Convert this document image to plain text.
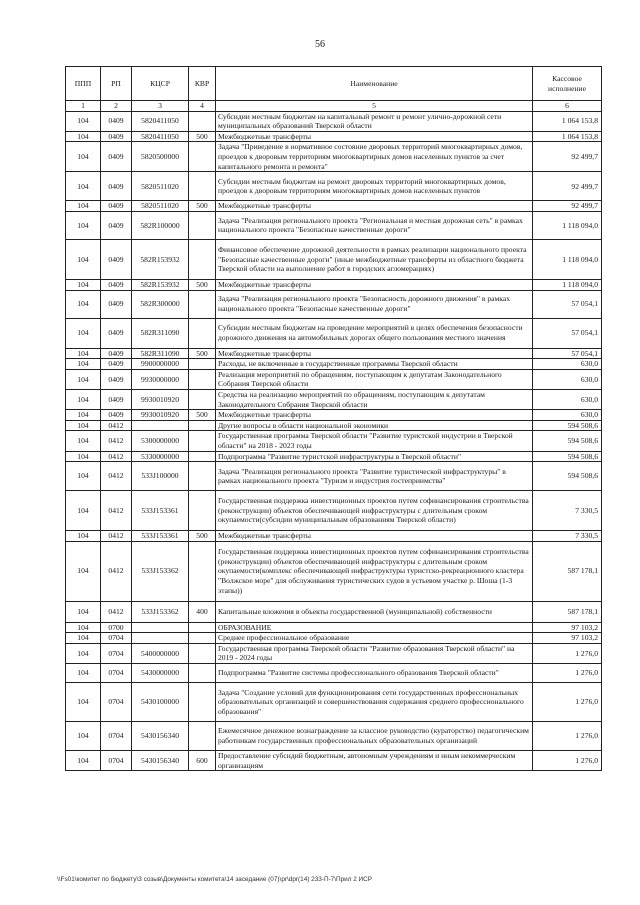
56
ППП	РП	КЦСР	КВР	Наименование	Кассовое исполнение
1	2	3	4	5	6
104	0409	5820411050		Субсидии местным бюджетам на капитальный ремонт и ремонт улично-дорожной сети муниципальных образований Тверской области	1 064 153,8
104	0409	5820411050	500	Межбюджетные трансферты	1 064 153,8
104	0409	5820500000		Задача "Приведение в нормативное состояние дворовых территорий многоквартирных домов, проездов к дворовым территориям многоквартирных домов населенных пунктов за счет капитального ремонта и ремонта"	92 499,7
104	0409	5820511020		Субсидии местным бюджетам на ремонт дворовых территорий многоквартирных домов, проездов к дворовым территориям многоквартирных домов населенных пунктов	92 499,7
104	0409	5820511020	500	Межбюджетные трансферты	92 499,7
104	0409	582R100000		Задача "Реализация регионального проекта "Региональная и местная дорожная сеть" в рамках национального проекта "Безопасные качественные дороги"	1 118 094,0
104	0409	582R153932		Финансовое обеспечение дорожной деятельности в рамках реализации национального проекта "Безопасные качественные дороги" (иные межбюджетные трансферты из областного бюджета Тверской области на выполнение работ в городских агломерациях)	1 118 094,0
104	0409	582R153932	500	Межбюджетные трансферты	1 118 094,0
104	0409	582R300000		Задача "Реализация регионального проекта "Безопасность дорожного движения" в рамках национального проекта "Безопасные качественные дороги"	57 054,1
104	0409	582R311090		Субсидии местным бюджетам на проведение мероприятий в целях обеспечения безопасности дорожного движения на автомобильных дорогах общего пользования местного значения	57 054,1
104	0409	582R311090	500	Межбюджетные трансферты	57 054,1
104	0409	9900000000		Расходы, не включенные в государственные программы Тверской области	630,0
104	0409	9930000000		Реализация мероприятий по обращениям, поступающим к депутатам Законодательного Собрания Тверской области	630,0
104	0409	9930010920		Средства на реализацию мероприятий по обращениям, поступающим к депутатам Законодательного Собрания Тверской области	630,0
104	0409	9930010920	500	Межбюджетные трансферты	630,0
104	0412			Другие вопросы в области национальной экономики	594 508,6
104	0412	5300000000		Государственная программа Тверской области "Развитие туристской индустрии в Тверской области" на 2018 - 2023 годы	594 508,6
104	0412	5330000000		Подпрограмма "Развитие туристской инфраструктуры в Тверской области"	594 508,6
104	0412	533J100000		Задача "Реализация регионального проекта "Развитие туристической инфраструктуры" в рамках национального проекта "Туризм и индустрия гостеприимства"	594 508,6
104	0412	533J153361		Государственная поддержка инвестиционных проектов путем софинансирования строительства (реконструкции) объектов обеспечивающей инфраструктуры с длительным сроком окупаемости(субсидии муниципальным образованиям Тверской области)	7 330,5
104	0412	533J153361	500	Межбюджетные трансферты	7 330,5
104	0412	533J153362		Государственная поддержка инвестиционных проектов путем софинансирования строительства (реконструкции) объектов обеспечивающей инфраструктуры с длительным сроком окупаемости(комплекс обеспечивающей инфраструктуры туристско-рекреационного кластера "Волжское море" для обслуживания туристических судов в устьевом участке р. Шоша (1-3 этапы))	587 178,1
104	0412	533J153362	400	Капитальные вложения в объекты государственной (муниципальной) собственности	587 178,1
104	0700			ОБРАЗОВАНИЕ	97 103,2
104	0704			Среднее профессиональное образование	97 103,2
104	0704	5400000000		Государственная программа Тверской области "Развитие образования Тверской области" на 2019 - 2024 годы	1 276,0
104	0704	5430000000		Подпрограмма "Развитие системы профессионального образования Тверской области"	1 276,0
104	0704	5430100000		Задача "Создание условий для функционирования сети государственных профессиональных образовательных организаций и совершенствования содержания среднего профессионального образования"	1 276,0
104	0704	5430156340		Ежемесячное денежное вознаграждение за классное руководство (кураторство) педагогическим работникам государственных профессиональных образовательных организаций	1 276,0
104	0704	5430156340	600	Предоставление субсидий бюджетным, автономным учреждениям и иным некоммерческим организациям	1 276,0
\\Fs01\комитет по бюджету\3 созыв\Документы комитета\14 заседание (07)\pr\dpr(14) 233-П-7\Прил 2 ИСР
